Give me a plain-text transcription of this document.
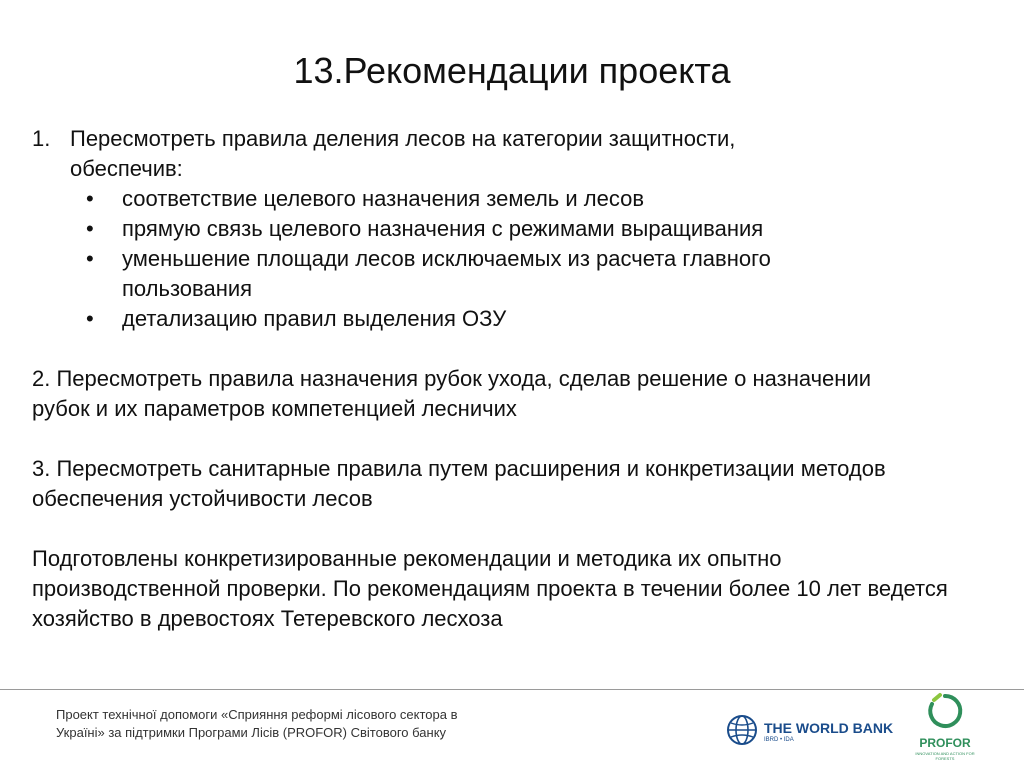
13.Рекомендации проекта
1. Пересмотреть правила деления лесов на категории защитности,
обеспечив:
• соответствие целевого назначения земель и лесов
• прямую связь целевого назначения с режимами выращивания
• уменьшение площади лесов исключаемых из расчета главного пользования
• детализацию правил выделения ОЗУ
2. Пересмотреть правила назначения рубок ухода, сделав решение о назначении рубок и их параметров компетенцией лесничих
3. Пересмотреть санитарные правила путем расширения и конкретизации методов обеспечения устойчивости лесов
Подготовлены конкретизированные рекомендации и методика их опытно производственной проверки. По рекомендациям проекта в течении более 10 лет ведется хозяйство в древостоях Тетеревского лесхоза
Проект технічної допомоги «Сприяння реформі лісового сектора в Україні» за підтримки Програми Лісів (PROFOR) Світового банку	THE WORLD BANK
IBRD • IDA	PROFOR
INNOVATION AND ACTION FOR FORESTS
